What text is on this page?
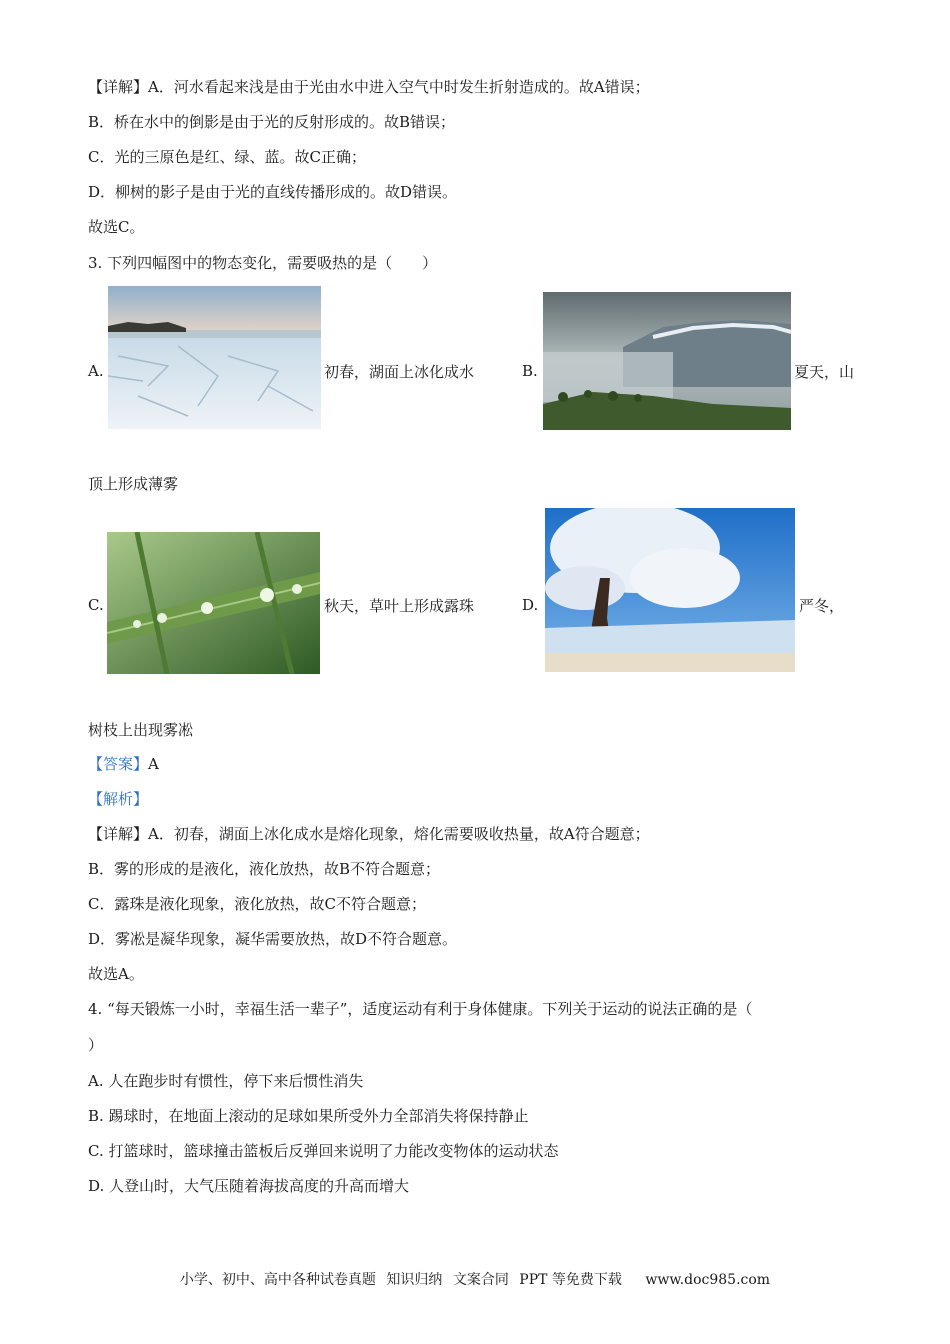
【详解】A．河水看起来浅是由于光由水中进入空气中时发生折射造成的。故A错误；
B．桥在水中的倒影是由于光的反射形成的。故B错误；
C．光的三原色是红、绿、蓝。故C正确；
D．柳树的影子是由于光的直线传播形成的。故D错误。
故选C。
3. 下列四幅图中的物态变化，需要吸热的是（　　）
A.	初春，湖面上冰化成水	B.	夏天，山
顶上形成薄雾
C.	秋天，草叶上形成露珠	D.	严冬，
树枝上出现雾凇
【答案】A
【解析】
【详解】A．初春，湖面上冰化成水是熔化现象，熔化需要吸收热量，故A符合题意；
B．雾的形成的是液化，液化放热，故B不符合题意；
C．露珠是液化现象，液化放热，故C不符合题意；
D．雾凇是凝华现象，凝华需要放热，故D不符合题意。
故选A。
4. “每天锻炼一小时，幸福生活一辈子”，适度运动有利于身体健康。下列关于运动的说法正确的是（
）
A. 人在跑步时有惯性，停下来后惯性消失
B. 踢球时，在地面上滚动的足球如果所受外力全部消失将保持静止
C. 打篮球时，篮球撞击篮板后反弹回来说明了力能改变物体的运动状态
D. 人登山时，大气压随着海拔高度的升高而增大
小学、初中、高中各种试卷真题 知识归纳 文案合同 PPT 等免费下载 www.doc985.com
